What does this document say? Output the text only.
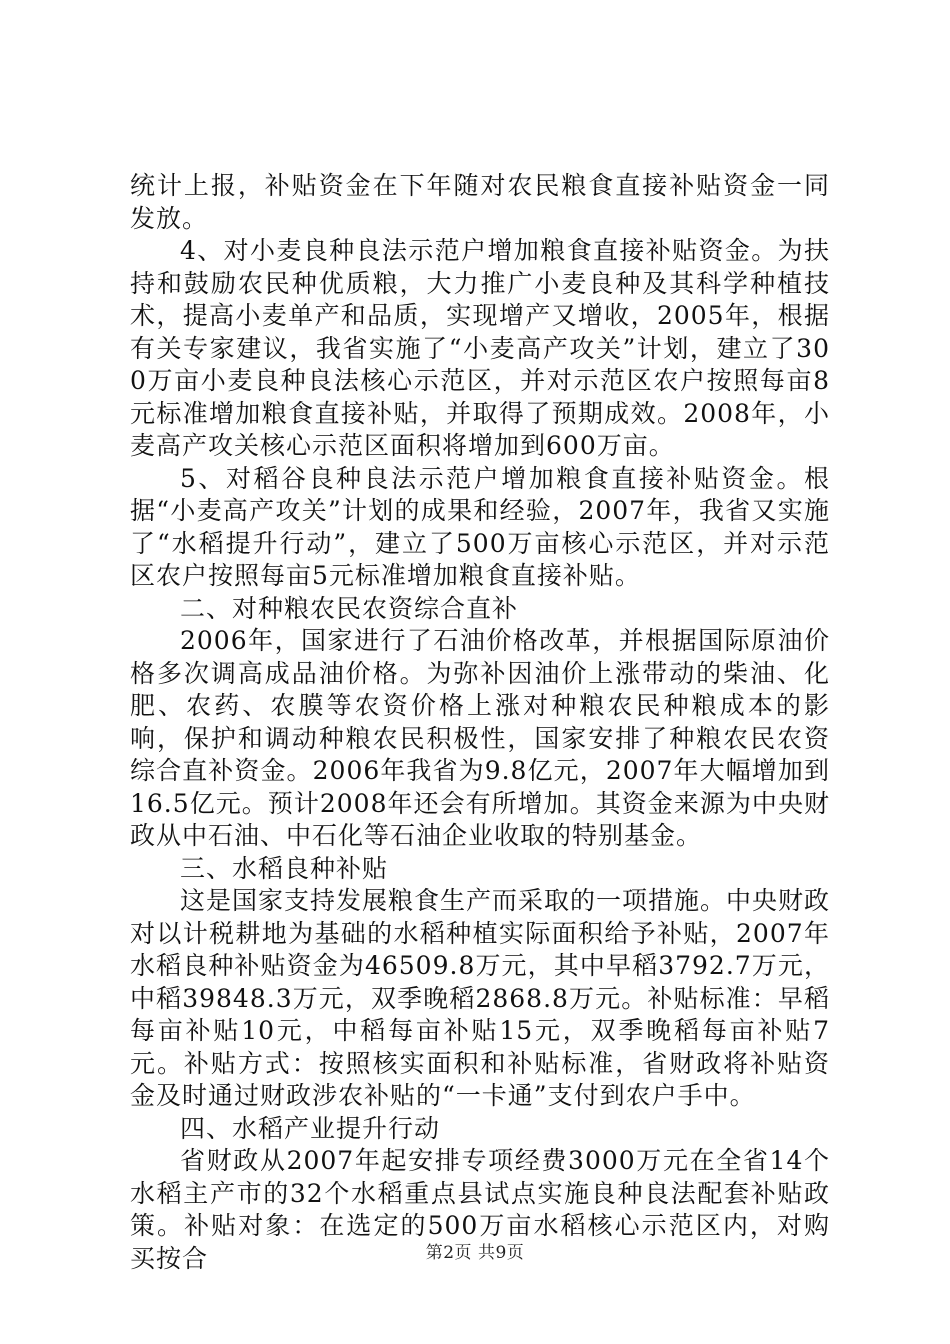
统计上报，补贴资金在下年随对农民粮食直接补贴资金一同发放。

4、对小麦良种良法示范户增加粮食直接补贴资金。为扶持和鼓励农民种优质粮，大力推广小麦良种及其科学种植技术，提高小麦单产和品质，实现增产又增收，2005年，根据有关专家建议，我省实施了“小麦高产攻关”计划，建立了300万亩小麦良种良法核心示范区，并对示范区农户按照每亩8元标准增加粮食直接补贴，并取得了预期成效。2008年，小麦高产攻关核心示范区面积将增加到600万亩。

5、对稻谷良种良法示范户增加粮食直接补贴资金。根据“小麦高产攻关”计划的成果和经验，2007年，我省又实施了“水稻提升行动”，建立了500万亩核心示范区，并对示范区农户按照每亩5元标准增加粮食直接补贴。

二、对种粮农民农资综合直补

2006年，国家进行了石油价格改革，并根据国际原油价格多次调高成品油价格。为弥补因油价上涨带动的柴油、化肥、农药、农膜等农资价格上涨对种粮农民种粮成本的影响，保护和调动种粮农民积极性，国家安排了种粮农民农资综合直补资金。2006年我省为9.8亿元，2007年大幅增加到16.5亿元。预计2008年还会有所增加。其资金来源为中央财政从中石油、中石化等石油企业收取的特别基金。

三、水稻良种补贴

这是国家支持发展粮食生产而采取的一项措施。中央财政对以计税耕地为基础的水稻种植实际面积给予补贴，2007年水稻良种补贴资金为46509.8万元，其中早稻3792.7万元，中稻39848.3万元，双季晚稻2868.8万元。补贴标准：早稻每亩补贴10元，中稻每亩补贴15元，双季晚稻每亩补贴7元。补贴方式：按照核实面积和补贴标准，省财政将补贴资金及时通过财政涉农补贴的“一卡通”支付到农户手中。

四、水稻产业提升行动

省财政从2007年起安排专项经费3000万元在全省14个水稻主产市的32个水稻重点县试点实施良种良法配套补贴政策。补贴对象：在选定的500万亩水稻核心示范区内，对购买按合	第2页 共9页
